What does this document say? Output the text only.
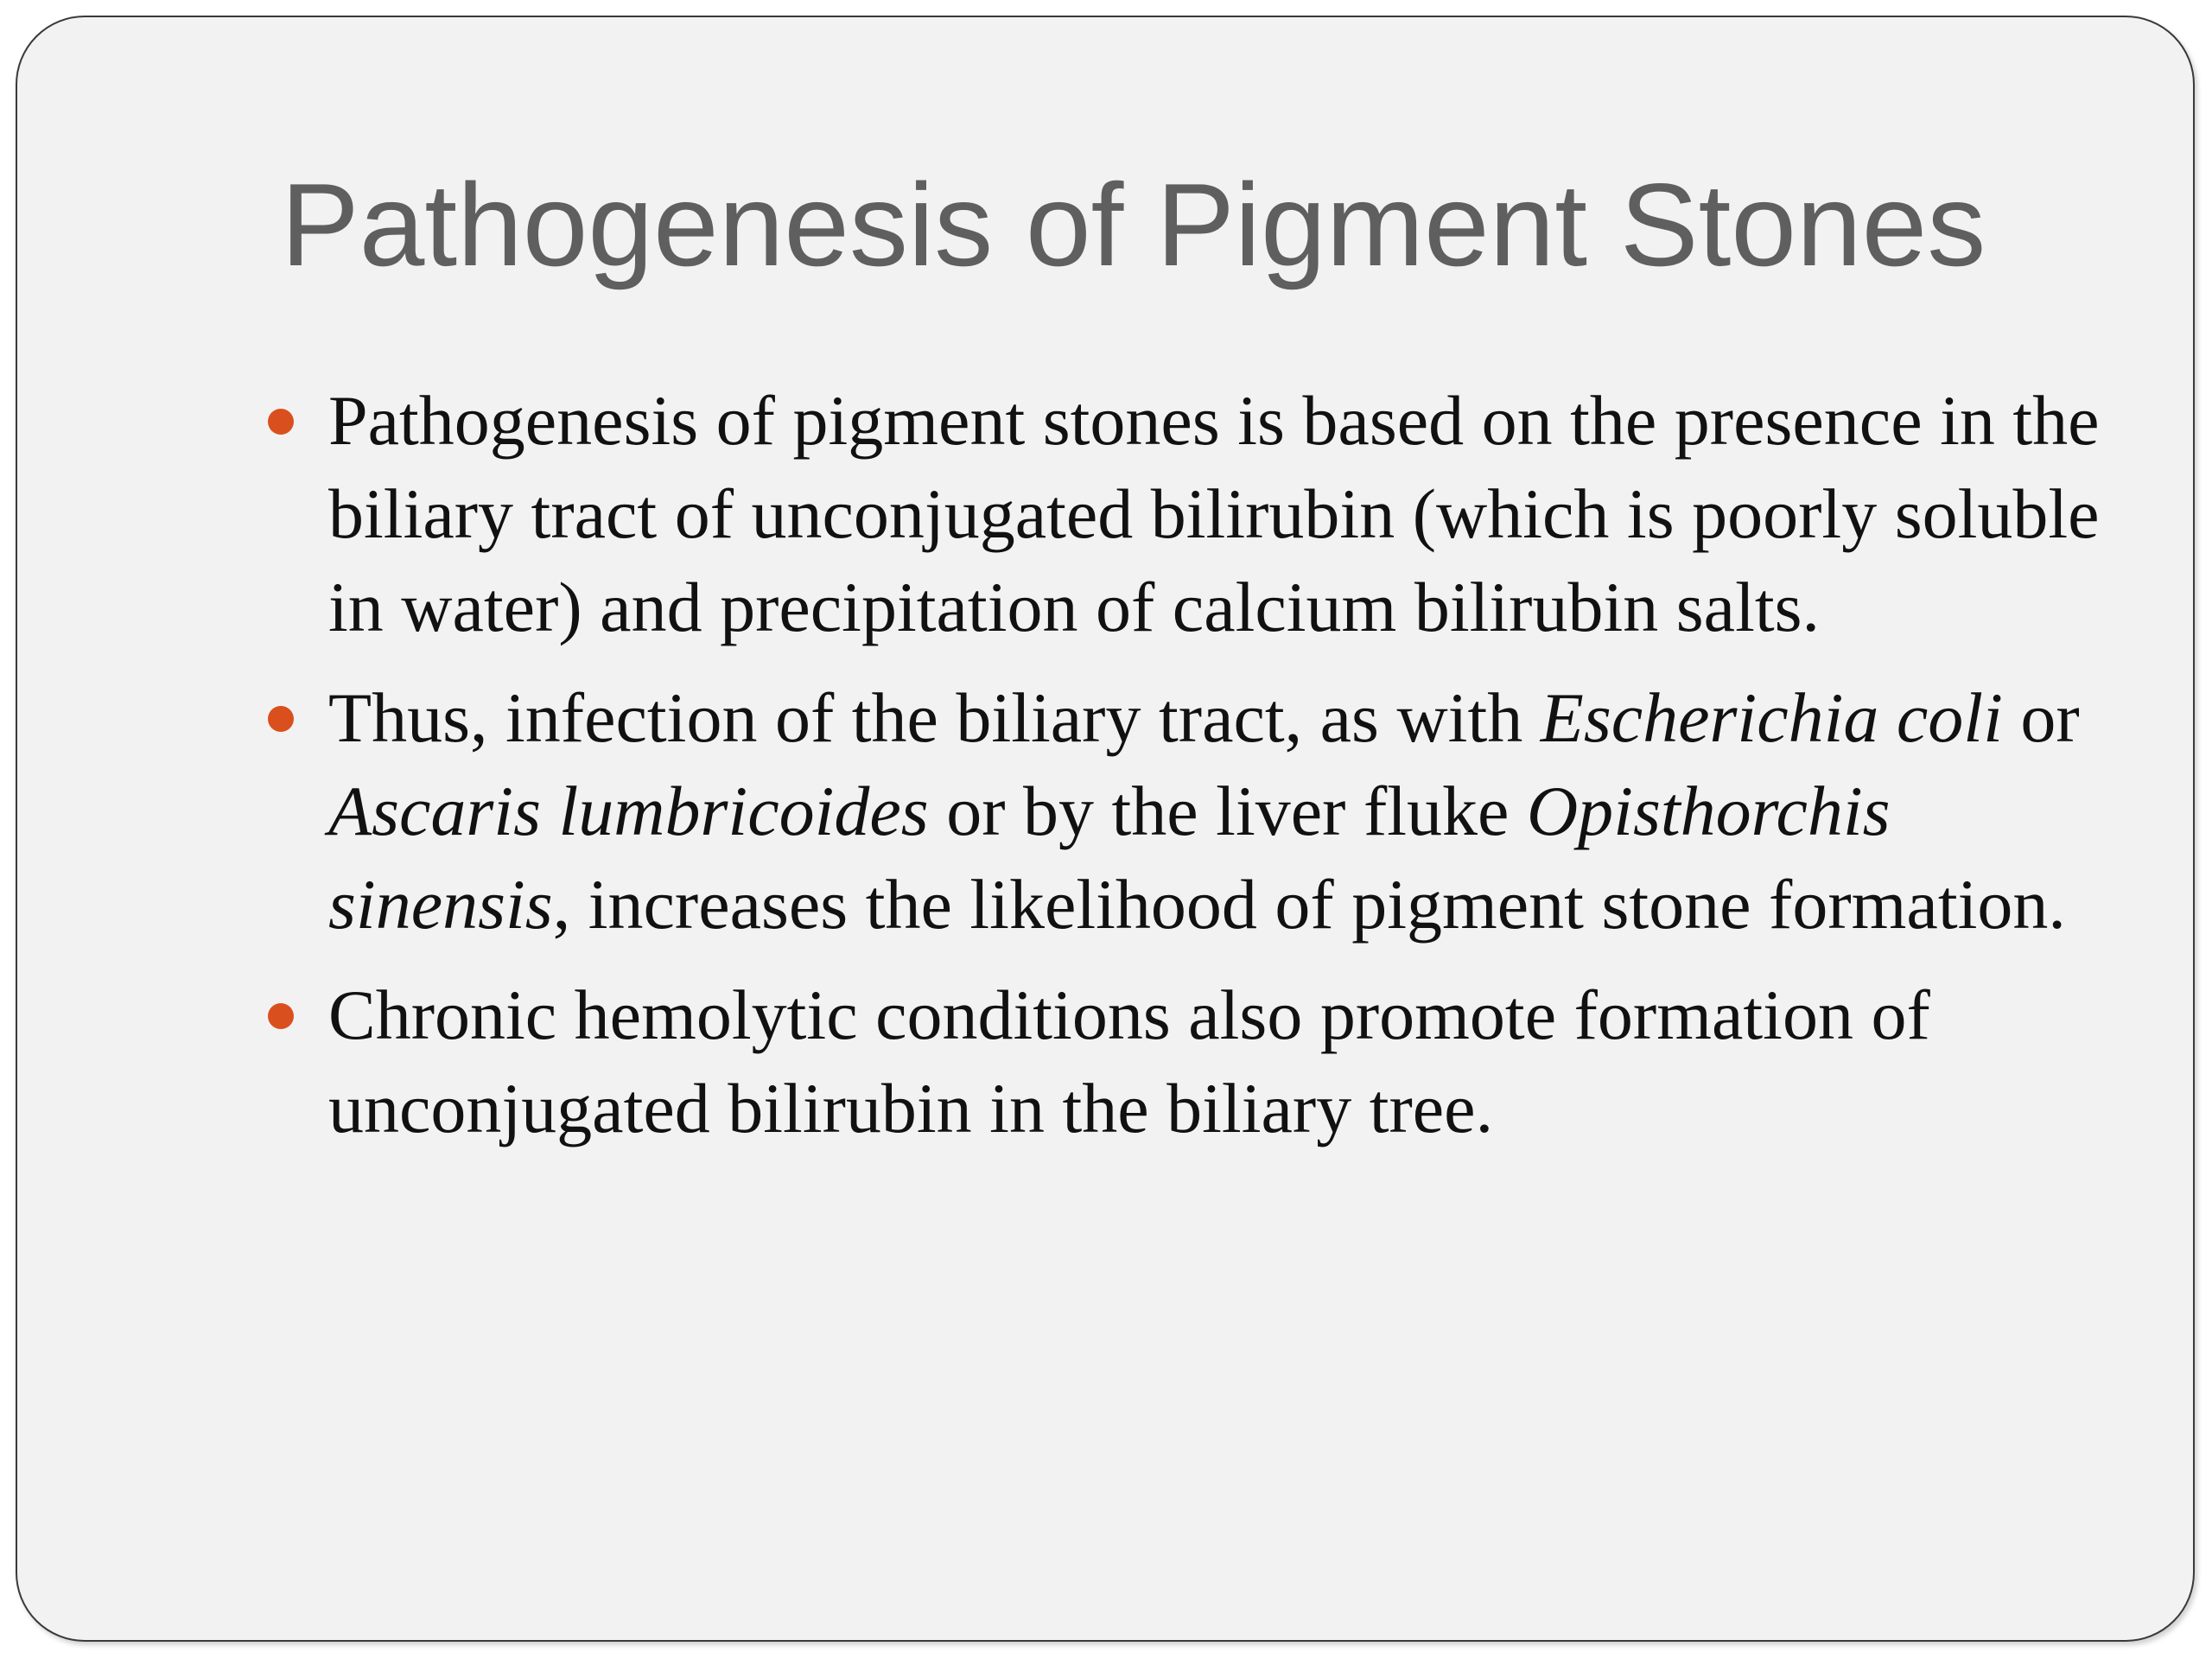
Pathogenesis of Pigment Stones
Pathogenesis of pigment stones is based on the presence in the biliary tract of unconjugated bilirubin (which is poorly soluble in water) and precipitation of calcium bilirubin salts.
Thus, infection of the biliary tract, as with Escherichia coli or Ascaris lumbricoides or by the liver fluke Opisthorchis sinensis, increases the likelihood of pigment stone formation.
Chronic hemolytic conditions also promote formation of unconjugated bilirubin in the biliary tree.
